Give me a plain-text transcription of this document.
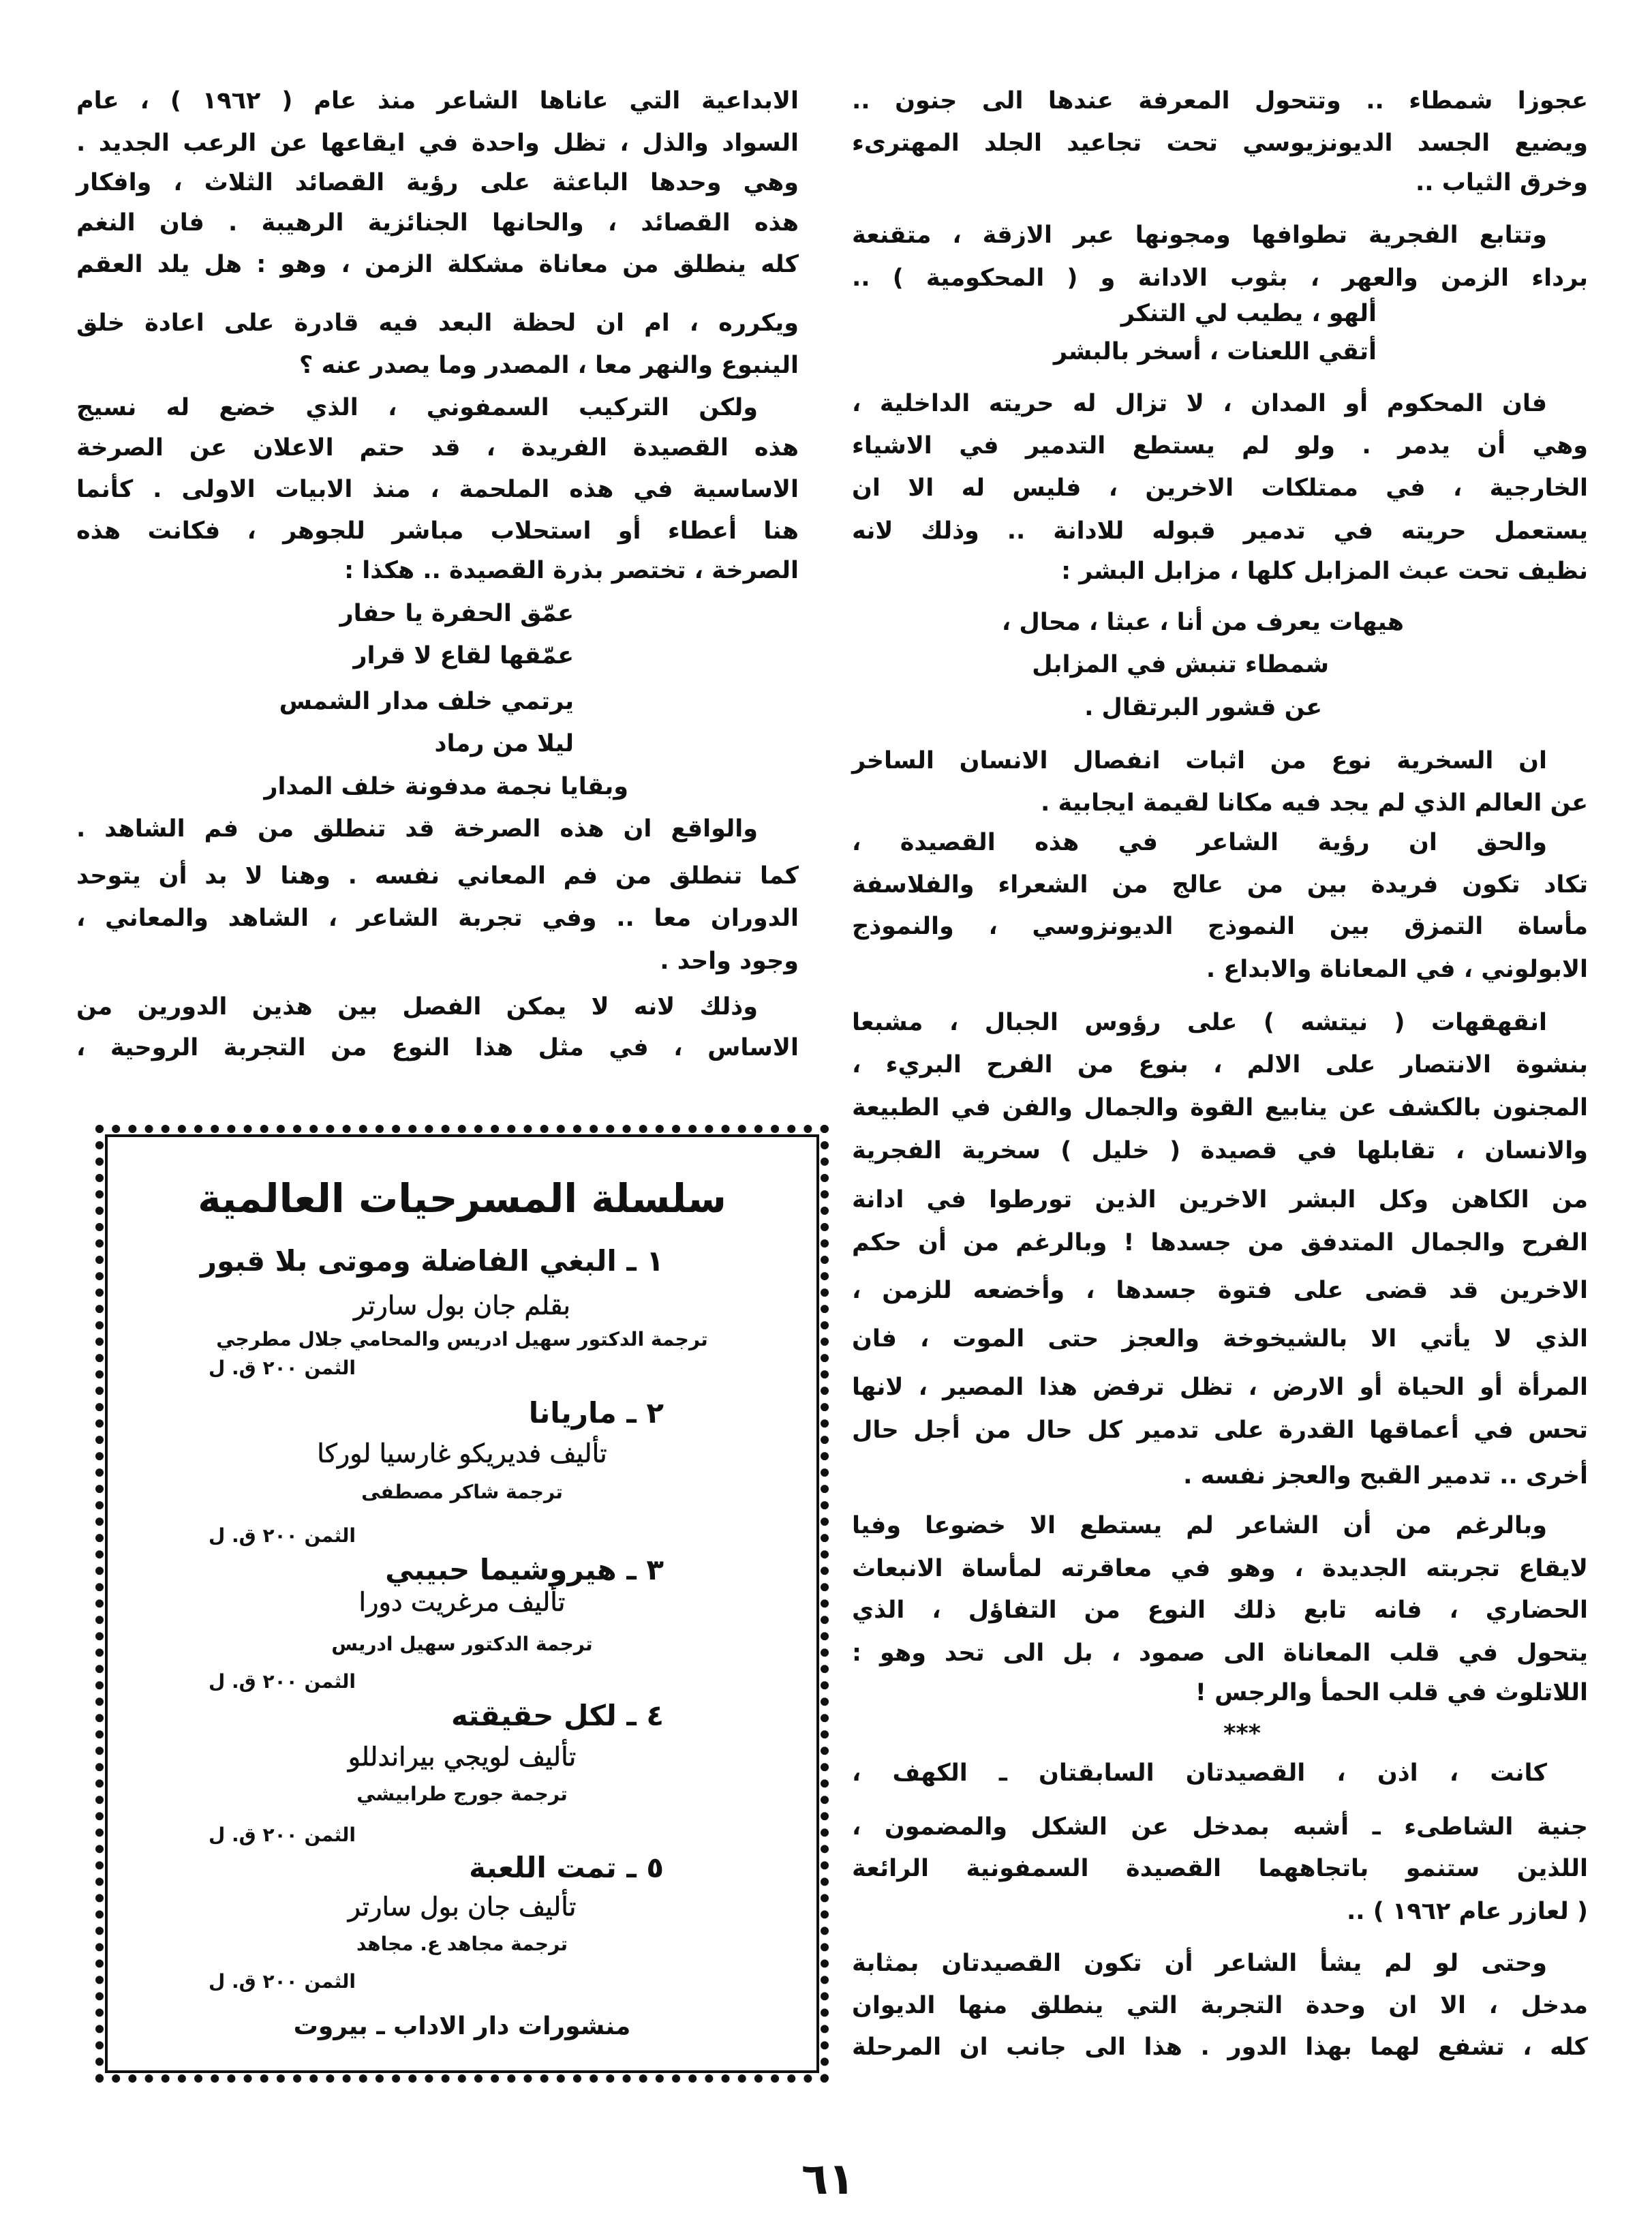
عجوزا شمطاء .. وتتحول المعرفة عندها الى جنون ..
ويضيع الجسد الديونزيوسي تحت تجاعيد الجلد المهترىء
وخرق الثياب ..
وتتابع الفجرية تطوافها ومجونها عبر الازقة ، متقنعة
برداء الزمن والعهر ، بثوب الادانة و ( المحكومية ) ..
ألهو ، يطيب لي التنكر
أتقي اللعنات ، أسخر بالبشر
فان المحكوم أو المدان ، لا تزال له حريته الداخلية ،
وهي أن يدمر . ولو لم يستطع التدمير في الاشياء
الخارجية ، في ممتلكات الاخرين ، فليس له الا ان
يستعمل حريته في تدمير قبوله للادانة .. وذلك لانه
نظيف تحت عبث المزابل كلها ، مزابل البشر :
هيهات يعرف من أنا ، عبثا ، محال ،
شمطاء تنبش في المزابل
عن قشور البرتقال .
ان السخرية نوع من اثبات انفصال الانسان الساخر
عن العالم الذي لم يجد فيه مكانا لقيمة ايجابية .
والحق ان رؤية الشاعر في هذه القصيدة ،
تكاد تكون فريدة بين من عالج من الشعراء والفلاسفة
مأساة التمزق بين النموذج الديونزوسي ، والنموذج
الابولوني ، في المعاناة والابداع .
انقهقهات ( نيتشه ) على رؤوس الجبال ، مشبعا
بنشوة الانتصار على الالم ، بنوع من الفرح البريء ،
المجنون بالكشف عن ينابيع القوة والجمال والفن في الطبيعة
والانسان ، تقابلها في قصيدة ( خليل ) سخرية الفجرية
من الكاهن وكل البشر الاخرين الذين تورطوا في ادانة
الفرح والجمال المتدفق من جسدها ! وبالرغم من أن حكم
الاخرين قد قضى على فتوة جسدها ، وأخضعه للزمن ،
الذي لا يأتي الا بالشيخوخة والعجز حتى الموت ، فان
المرأة أو الحياة أو الارض ، تظل ترفض هذا المصير ، لانها
تحس في أعماقها القدرة على تدمير كل حال من أجل حال
أخرى .. تدمير القبح والعجز نفسه .
وبالرغم من أن الشاعر لم يستطع الا خضوعا وفيا
لايقاع تجربته الجديدة ، وهو في معاقرته لمأساة الانبعاث
الحضاري ، فانه تابع ذلك النوع من التفاؤل ، الذي
يتحول في قلب المعاناة الى صمود ، بل الى تحد وهو :
اللاتلوث في قلب الحمأ والرجس !
***
كانت ، اذن ، القصيدتان السابقتان ـ الكهف ،
جنية الشاطىء ـ أشبه بمدخل عن الشكل والمضمون ،
اللذين ستنمو باتجاههما القصيدة السمفونية الرائعة
( لعازر عام ١٩٦٢ ) ..
وحتى لو لم يشأ الشاعر أن تكون القصيدتان بمثابة
مدخل ، الا ان وحدة التجربة التي ينطلق منها الديوان
كله ، تشفع لهما بهذا الدور . هذا الى جانب ان المرحلة
الابداعية التي عاناها الشاعر منذ عام ( ١٩٦٢ ) ، عام
السواد والذل ، تظل واحدة في ايقاعها عن الرعب الجديد .
وهي وحدها الباعثة على رؤية القصائد الثلاث ، وافكار
هذه القصائد ، والحانها الجنائزية الرهيبة . فان النغم
كله ينطلق من معاناة مشكلة الزمن ، وهو : هل يلد العقم
ويكرره ، ام ان لحظة البعد فيه قادرة على اعادة خلق
الينبوع والنهر معا ، المصدر وما يصدر عنه ؟
ولكن التركيب السمفوني ، الذي خضع له نسيج
هذه القصيدة الفريدة ، قد حتم الاعلان عن الصرخة
الاساسية في هذه الملحمة ، منذ الابيات الاولى . كأنما
هنا أعطاء أو استحلاب مباشر للجوهر ، فكانت هذه
الصرخة ، تختصر بذرة القصيدة .. هكذا :
عمّق الحفرة يا حفار
عمّقها لقاع لا قرار
يرتمي خلف مدار الشمس
ليلا من رماد
وبقايا نجمة مدفونة خلف المدار
والواقع ان هذه الصرخة قد تنطلق من فم الشاهد .
كما تنطلق من فم المعاني نفسه . وهنا لا بد أن يتوحد
الدوران معا .. وفي تجربة الشاعر ، الشاهد والمعاني ،
وجود واحد .
وذلك لانه لا يمكن الفصل بين هذين الدورين من
الاساس ، في مثل هذا النوع من التجربة الروحية ،
سلسلة المسرحيات العالمية
١ ـ البغي الفاضلة وموتى بلا قبور
بقلم جان بول سارتر
ترجمة الدكتور سهيل ادريس والمحامي جلال مطرجي
الثمن ٢٠٠ ق. ل
٢ ـ ماريانا
تأليف فديريكو غارسيا لوركا
ترجمة شاكر مصطفى
الثمن ٢٠٠ ق. ل
٣ ـ هيروشيما حبيبي
تأليف مرغريت دورا
ترجمة الدكتور سهيل ادريس
الثمن ٢٠٠ ق. ل
٤ ـ لكل حقيقته
تأليف لويجي بيراندللو
ترجمة جورج طرابيشي
الثمن ٢٠٠ ق. ل
٥ ـ تمت اللعبة
تأليف جان بول سارتر
ترجمة مجاهد ع. مجاهد
الثمن ٢٠٠ ق. ل
منشورات دار الاداب ـ بيروت
٦١
